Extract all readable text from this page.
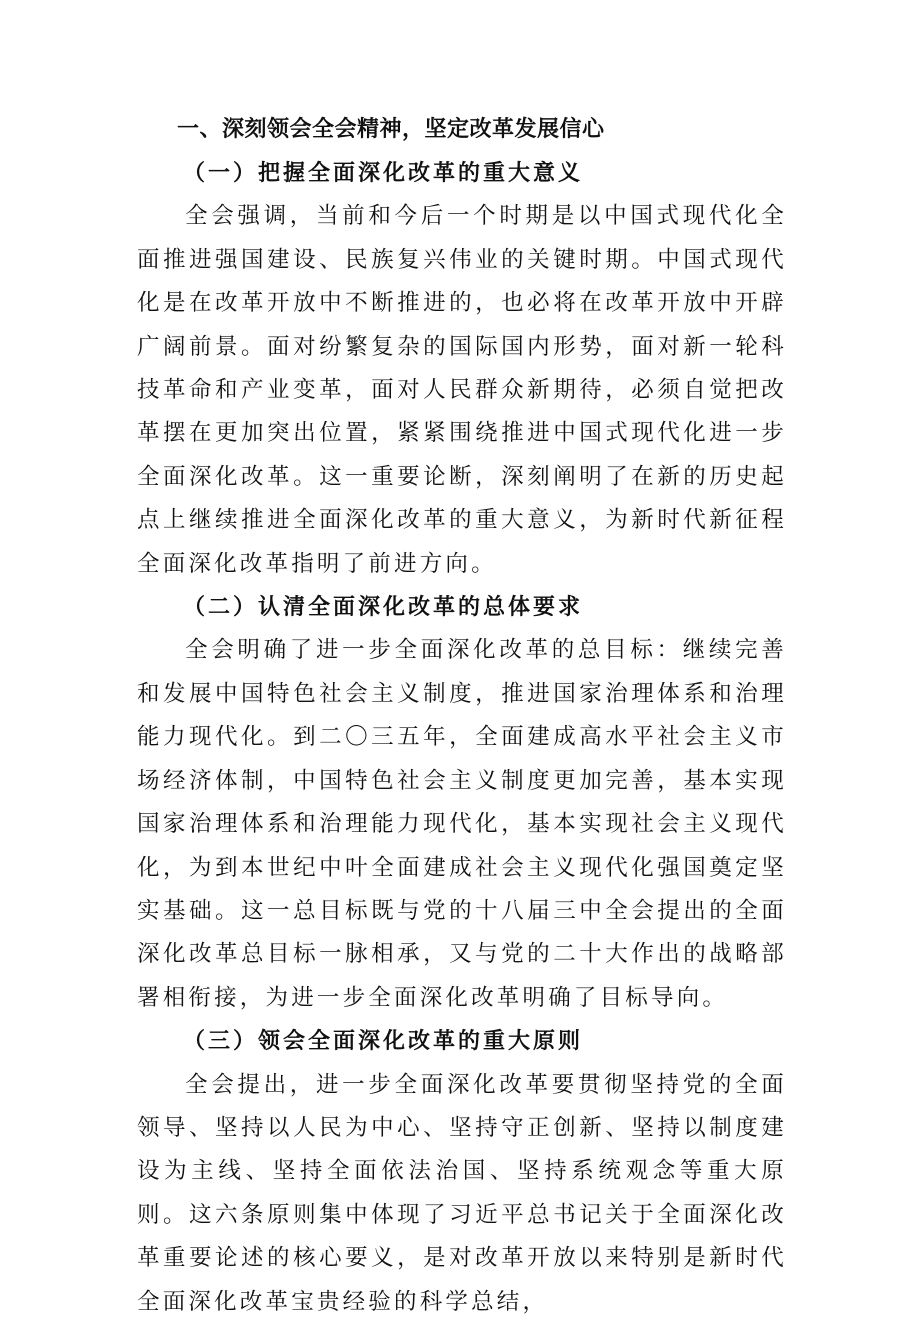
一、深刻领会全会精神，坚定改革发展信心
（一）把握全面深化改革的重大意义

全会强调，当前和今后一个时期是以中国式现代化全面推进强国建设、民族复兴伟业的关键时期。中国式现代化是在改革开放中不断推进的，也必将在改革开放中开辟广阔前景。面对纷繁复杂的国际国内形势，面对新一轮科技革命和产业变革，面对人民群众新期待，必须自觉把改革摆在更加突出位置，紧紧围绕推进中国式现代化进一步全面深化改革。这一重要论断，深刻阐明了在新的历史起点上继续推进全面深化改革的重大意义，为新时代新征程全面深化改革指明了前进方向。

（二）认清全面深化改革的总体要求

全会明确了进一步全面深化改革的总目标：继续完善和发展中国特色社会主义制度，推进国家治理体系和治理能力现代化。到二〇三五年，全面建成高水平社会主义市场经济体制，中国特色社会主义制度更加完善，基本实现国家治理体系和治理能力现代化，基本实现社会主义现代化，为到本世纪中叶全面建成社会主义现代化强国奠定坚实基础。这一总目标既与党的十八届三中全会提出的全面深化改革总目标一脉相承，又与党的二十大作出的战略部署相衔接，为进一步全面深化改革明确了目标导向。

（三）领会全面深化改革的重大原则

全会提出，进一步全面深化改革要贯彻坚持党的全面领导、坚持以人民为中心、坚持守正创新、坚持以制度建设为主线、坚持全面依法治国、坚持系统观念等重大原则。这六条原则集中体现了习近平总书记关于全面深化改革重要论述的核心要义，是对改革开放以来特别是新时代全面深化改革宝贵经验的科学总结，
